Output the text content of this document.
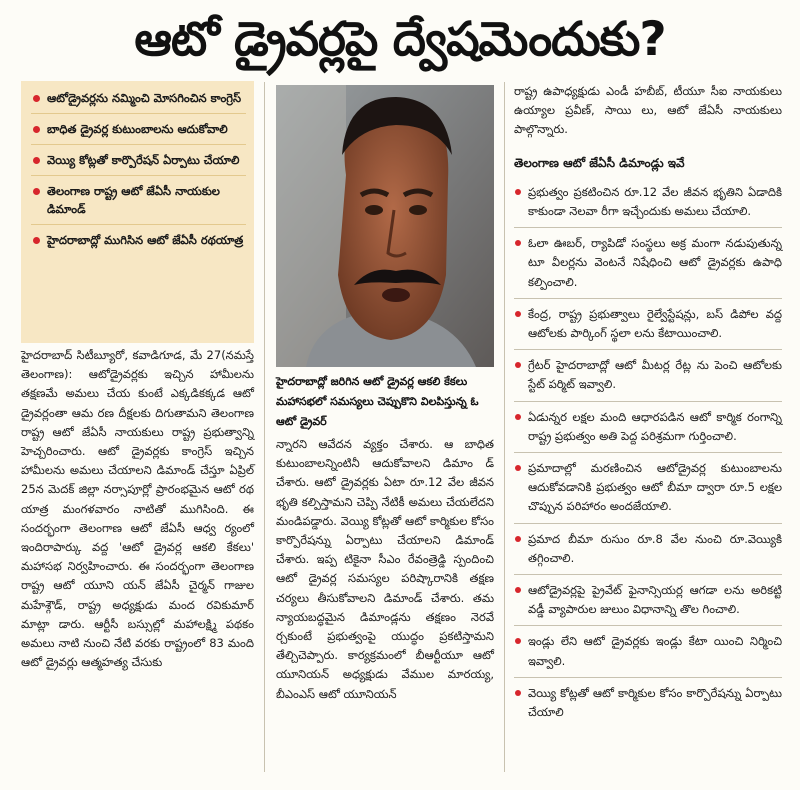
ఆటో డ్రైవర్లపై ద్వేషమెందుకు?
ఆటోడ్రైవర్లను నమ్మించి మోసగించిన కాంగ్రెస్
బాధిత డ్రైవర్ల కుటుంబాలను ఆదుకోవాలి
వెయ్యి కోట్లతో కార్పొరేషన్ ఏర్పాటు చేయాలి
తెలంగాణ రాష్ట్ర ఆటో జేఏసీ నాయకుల డిమాండ్
హైదరాబాద్లో ముగిసిన ఆటో జేఏసీ రథయాత్ర
హైదరాబాద్లో జరిగిన ఆటో డ్రైవర్ల ఆకలి కేకలు మహాసభలో సమస్యలు చెప్పుకొని విలపిస్తున్న ఓ ఆటో డ్రైవర్

హైదరాబాద్ సిటీబ్యూరో, కవాడిగూడ, మే 27(నమస్తే తెలంగాణ): ఆటోడ్రైవర్లకు ఇచ్చిన హామీలను తక్షణమే అమలు చేయ కుంటే ఎక్కడికక్కడ ఆటో డ్రైవర్లంతా ఆమ రణ దీక్షలకు దిగుతామని తెలంగాణ రాష్ట్ర ఆటో జేఏసీ నాయకులు రాష్ట్ర ప్రభుత్వాన్ని హెచ్చరించారు. ఆటో డ్రైవర్లకు కాంగ్రెస్ ఇచ్చిన హామీలను అమలు చేయాలని డిమాండ్ చేస్తూ ఏప్రిల్ 25న మెదక్ జిల్లా నర్సాపూర్లో ప్రారంభమైన ఆటో రథ యాత్ర మంగళవారం నాటితో ముగిసింది. ఈ సందర్భంగా తెలంగాణ ఆటో జేఏసీ ఆధ్వ ర్యంలో ఇందిరాపార్కు వద్ద 'ఆటో డ్రైవర్ల ఆకలి కేకలు' మహాసభ నిర్వహించారు. ఈ సందర్భంగా తెలంగాణ రాష్ట్ర ఆటో యూని యన్ జేఏసీ చైర్మన్ గాజుల మహేశ్గౌడ్, రాష్ట్ర అధ్యక్షుడు మంద రవికుమార్ మాట్లా డారు. ఆర్టీసీ బస్సుల్లో మహాలక్ష్మి పథకం అమలు నాటి నుంచి నేటి వరకు రాష్ట్రంలో 83 మంది ఆటో డ్రైవర్లు ఆత్మహత్య చేసుకు

న్నారని ఆవేదన వ్యక్తం చేశారు. ఆ బాధిత కుటుంబాలన్నింటినీ ఆదుకోవాలని డిమాం డ్ చేశారు. ఆటో డ్రైవర్లకు ఏటా రూ.12 వేల జీవన భృతి కల్పిస్తామని చెప్పి నేటికీ అమలు చేయలేదని మండిపడ్డారు. వెయ్యి కోట్లతో ఆటో కార్మికుల కోసం కార్పొరేషన్ను ఏర్పాటు చేయాలని డిమాండ్ చేశారు. ఇప్ప టికైనా సీఎం రేవంత్రెడ్డి స్పందించి ఆటో డ్రైవర్ల సమస్యల పరిష్కారానికి తక్షణ చర్యలు తీసుకోవాలని డిమాండ్ చేశారు. తమ న్యాయబద్ధమైన డిమాండ్లను తక్షణం నెరవే ర్చకుంటే ప్రభుత్వంపై యుద్ధం ప్రకటిస్తామని తేల్చిచెప్పారు. కార్యక్రమంలో బీఆర్టీయూ ఆటో యూనియన్ అధ్యక్షుడు వేముల మారయ్య, బీఎంఎస్ ఆటో యూనియన్

రాష్ట్ర ఉపాధ్యక్షుడు ఎండీ హబీబ్, టీయూ సీఐ నాయకులు ఉయ్యాల ప్రవీణ్, సాయి లు, ఆటో జేఏసీ నాయకులు పాల్గొన్నారు.

తెలంగాణ ఆటో జేఏసీ డిమాండ్లు ఇవే
ప్రభుత్వం ప్రకటించిన రూ.12 వేల జీవన భృతిని ఏడాదికి కాకుండా నెలవా రీగా ఇచ్చేందుకు అమలు చేయాలి.
ఓలా ఊబర్, ర్యాపిడో సంస్థలు అక్ర మంగా నడుపుతున్న టూ వీలర్లను వెంటనే నిషేధించి ఆటో డ్రైవర్లకు ఉపాధి కల్పించాలి.
కేంద్ర, రాష్ట్ర ప్రభుత్వాలు రైల్వేస్టేషన్లు, బస్ డిపోల వద్ద ఆటోలకు పార్కింగ్ స్థలా లను కేటాయించాలి.
గ్రేటర్ హైదరాబాద్లో ఆటో మీటర్ల రేట్ల ను పెంచి ఆటోలకు స్టేట్ పర్మిట్ ఇవ్వాలి.
ఏడున్నర లక్షల మంది ఆధారపడిన ఆటో కార్మిక రంగాన్ని రాష్ట్ర ప్రభుత్వం అతి పెద్ద పరిశ్రమగా గుర్తించాలి.
ప్రమాదాల్లో మరణించిన ఆటోడ్రైవర్ల కుటుంబాలను ఆదుకోవడానికి ప్రభుత్వం ఆటో బీమా ద్వారా రూ.5 లక్షల చొప్పున పరిహారం అందజేయాలి.
ప్రమాద బీమా రుసుం రూ.8 వేల నుంచి రూ.వెయ్యికి తగ్గించాలి.
ఆటోడ్రైవర్లపై ప్రైవేట్ ఫైనాన్సియర్ల ఆగడా లను అరికట్టి వడ్డీ వ్యాపారుల జులుం విధానాన్ని తొల గించాలి.
ఇండ్లు లేని ఆటో డ్రైవర్లకు ఇండ్లు కేటా యించి నిర్మించి ఇవ్వాలి.
వెయ్యి కోట్లతో ఆటో కార్మికుల కోసం కార్పొరేషన్ను ఏర్పాటు చేయాలి
